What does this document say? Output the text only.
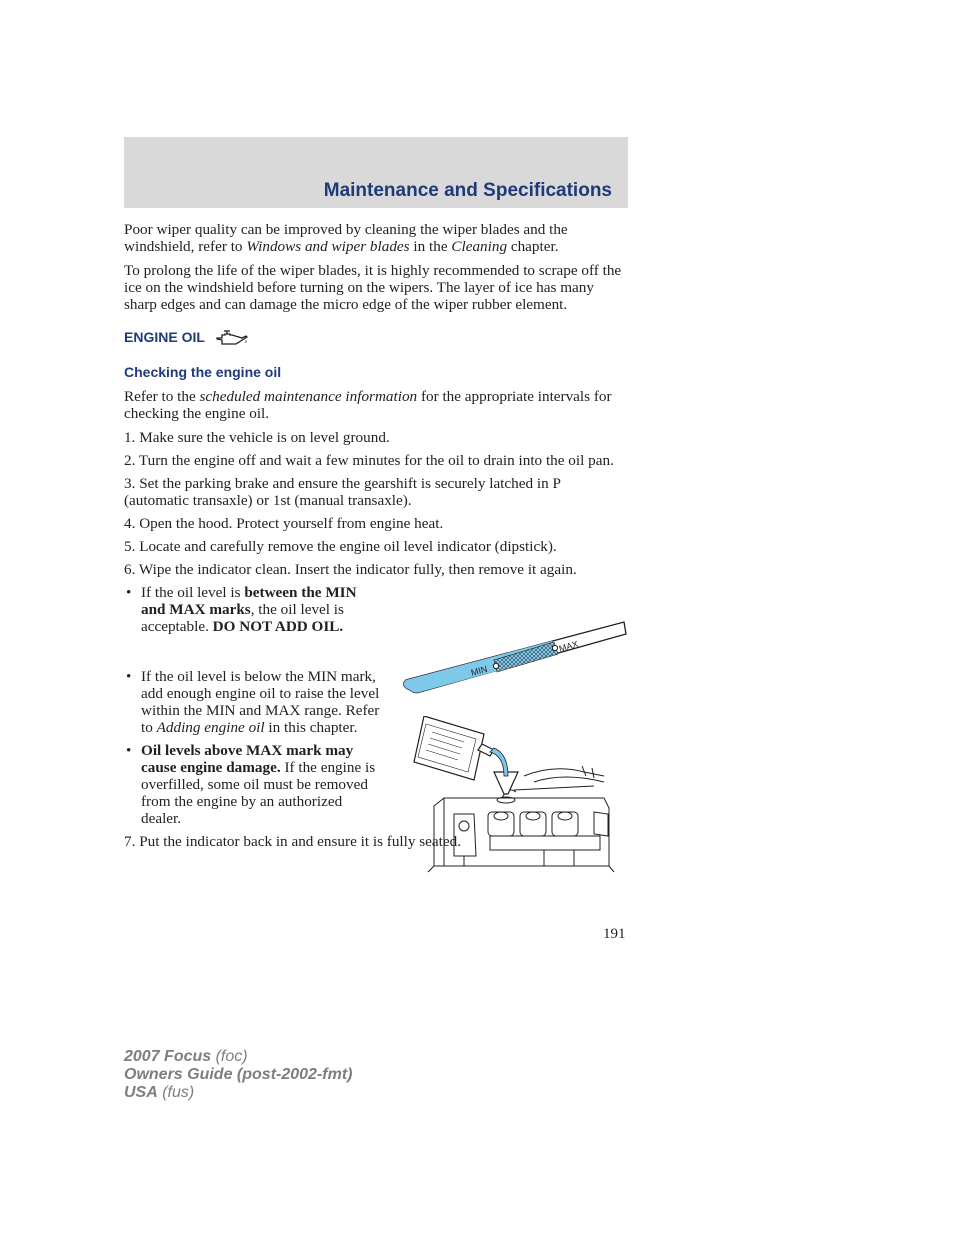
Maintenance and Specifications

Poor wiper quality can be improved by cleaning the wiper blades and the windshield, refer to Windows and wiper blades in the Cleaning chapter.

To prolong the life of the wiper blades, it is highly recommended to scrape off the ice on the windshield before turning on the wipers. The layer of ice has many sharp edges and can damage the micro edge of the wiper rubber element.

ENGINE OIL
Checking the engine oil

Refer to the scheduled maintenance information for the appropriate intervals for checking the engine oil.

1. Make sure the vehicle is on level ground.

2. Turn the engine off and wait a few minutes for the oil to drain into the oil pan.

3. Set the parking brake and ensure the gearshift is securely latched in P (automatic transaxle) or 1st (manual transaxle).

4. Open the hood. Protect yourself from engine heat.

5. Locate and carefully remove the engine oil level indicator (dipstick).

6. Wipe the indicator clean. Insert the indicator fully, then remove it again.

• If the oil level is between the MIN and MAX marks, the oil level is acceptable. DO NOT ADD OIL.
• If the oil level is below the MIN mark, add enough engine oil to raise the level within the MIN and MAX range. Refer to Adding engine oil in this chapter.
• Oil levels above MAX mark may cause engine damage. If the engine is overfilled, some oil must be removed from the engine by an authorized dealer.

7. Put the indicator back in and ensure it is fully seated.

MIN
MAX
191
2007 Focus (foc)
Owners Guide (post-2002-fmt)
USA (fus)
